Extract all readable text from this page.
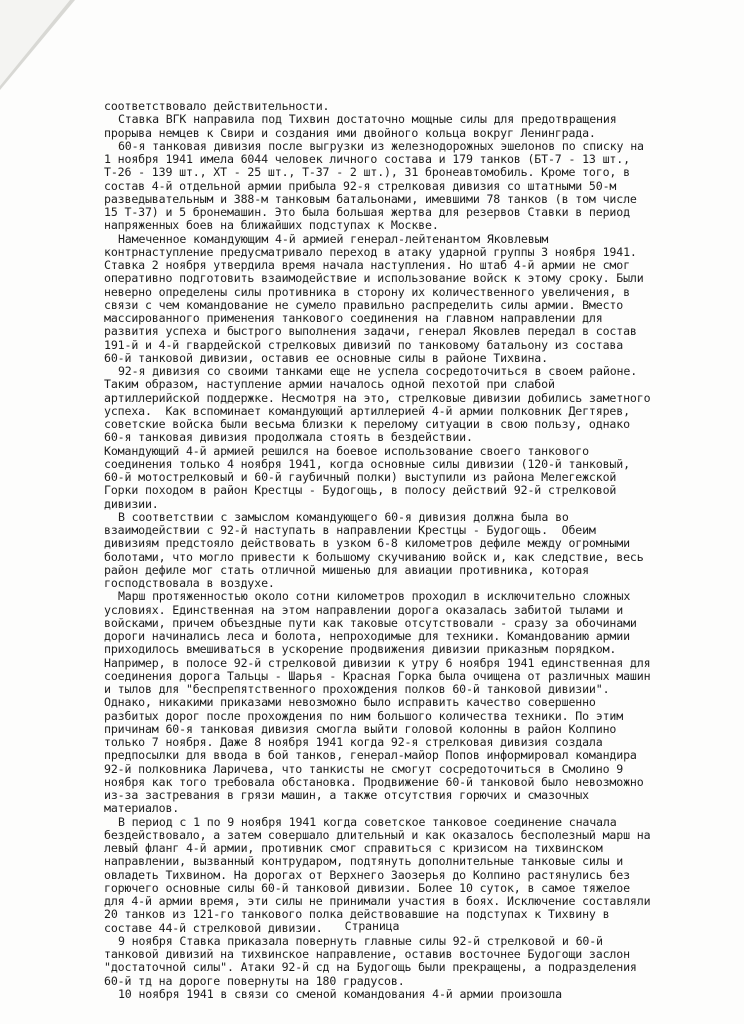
соответствовало действительности.
Ставка ВГК направила под Тихвин достаточно мощные силы для предотвращения
прорыва немцев к Свири и создания ими двойного кольца вокруг Ленинграда.
60-я танковая дивизия после выгрузки из железнодорожных эшелонов по списку на
1 ноября 1941 имела 6044 человек личного состава и 179 танков (БТ-7 - 13 шт.,
Т-26 - 139 шт., ХТ - 25 шт., Т-37 - 2 шт.), 31 бронеавтомобиль. Кроме того, в
состав 4-й отдельной армии прибыла 92-я стрелковая дивизия со штатными 50-м
разведывательным и 388-м танковым батальонами, имевшими 78 танков (в том числе
15 Т-37) и 5 бронемашин. Это была большая жертва для резервов Ставки в период
напряженных боев на ближайших подступах к Москве.
Намеченное командующим 4-й армией генерал-лейтенантом Яковлевым
контрнаступление предусматривало переход в атаку ударной группы 3 ноября 1941.
Ставка 2 ноября утвердила время начала наступления. Но штаб 4-й армии не смог
оперативно подготовить взаимодействие и использование войск к этому сроку. Были
неверно определены силы противника в сторону их количественного увеличения, в
связи с чем командование не сумело правильно распределить силы армии. Вместо
массированного применения танкового соединения на главном направлении для
развития успеха и быстрого выполнения задачи, генерал Яковлев передал в состав
191-й и 4-й гвардейской стрелковых дивизий по танковому батальону из состава
60-й танковой дивизии, оставив ее основные силы в районе Тихвина.
92-я дивизия со своими танками еще не успела сосредоточиться в своем районе.
Таким образом, наступление армии началось одной пехотой при слабой
артиллерийской поддержке. Несмотря на это, стрелковые дивизии добились заметного
успеха.  Как вспоминает командующий артиллерией 4-й армии полковник Дегтярев,
советские войска были весьма близки к перелому ситуации в свою пользу, однако
60-я танковая дивизия продолжала стоять в бездействии.
Командующий 4-й армией решился на боевое использование своего танкового
соединения только 4 ноября 1941, когда основные силы дивизии (120-й танковый,
60-й мотострелковый и 60-й гаубичный полки) выступили из района Мелегежской
Горки походом в район Крестцы - Будогощь, в полосу действий 92-й стрелковой
дивизии.
В соответствии с замыслом командующего 60-я дивизия должна была во
взаимодействии с 92-й наступать в направлении Крестцы - Будогощь.  Обеим
дивизиям предстояло действовать в узком 6-8 километров дефиле между огромными
болотами, что могло привести к большому скучиванию войск и, как следствие, весь
район дефиле мог стать отличной мишенью для авиации противника, которая
господствовала в воздухе.
Марш протяженностью около сотни километров проходил в исключительно сложных
условиях. Единственная на этом направлении дорога оказалась забитой тылами и
войсками, причем объездные пути как таковые отсутствовали - сразу за обочинами
дороги начинались леса и болота, непроходимые для техники. Командованию армии
приходилось вмешиваться в ускорение продвижения дивизии приказным порядком.
Например, в полосе 92-й стрелковой дивизии к утру 6 ноября 1941 единственная для
соединения дорога Тальцы - Шарья - Красная Горка была очищена от различных машин
и тылов для "беспрепятственного прохождения полков 60-й танковой дивизии".
Однако, никакими приказами невозможно было исправить качество совершенно
разбитых дорог после прохождения по ним большого количества техники. По этим
причинам 60-я танковая дивизия смогла выйти головой колонны в район Колпино
только 7 ноября. Даже 8 ноября 1941 когда 92-я стрелковая дивизия создала
предпосылки для ввода в бой танков, генерал-майор Попов информировал командира
92-й полковника Ларичева, что танкисты не смогут сосредоточиться в Смолино 9
ноября как того требовала обстановка. Продвижение 60-й танковой было невозможно
из-за застревания в грязи машин, а также отсутствия горючих и смазочных
материалов.
В период с 1 по 9 ноября 1941 когда советское танковое соединение сначала
бездействовало, а затем совершало длительный и как оказалось бесполезный марш на
левый фланг 4-й армии, противник смог справиться с кризисом на тихвинском
направлении, вызванный контрударом, подтянуть дополнительные танковые силы и
овладеть Тихвином. На дорогах от Верхнего Заозерья до Колпино растянулись без
горючего основные силы 60-й танковой дивизии. Более 10 суток, в самое тяжелое
для 4-й армии время, эти силы не принимали участия в боях. Исключение составляли
20 танков из 121-го танкового полка действовавшие на подступах к Тихвину в
составе 44-й стрелковой дивизии.
9 ноября Ставка приказала повернуть главные силы 92-й стрелковой и 60-й
танковой дивизий на тихвинское направление, оставив восточнее Будогощи заслон
"достаточной силы". Атаки 92-й сд на Будогощь были прекращены, а подразделения
60-й тд на дороге повернуты на 180 градусов.
10 ноября 1941 в связи со сменой командования 4-й армии произошла
Страница
